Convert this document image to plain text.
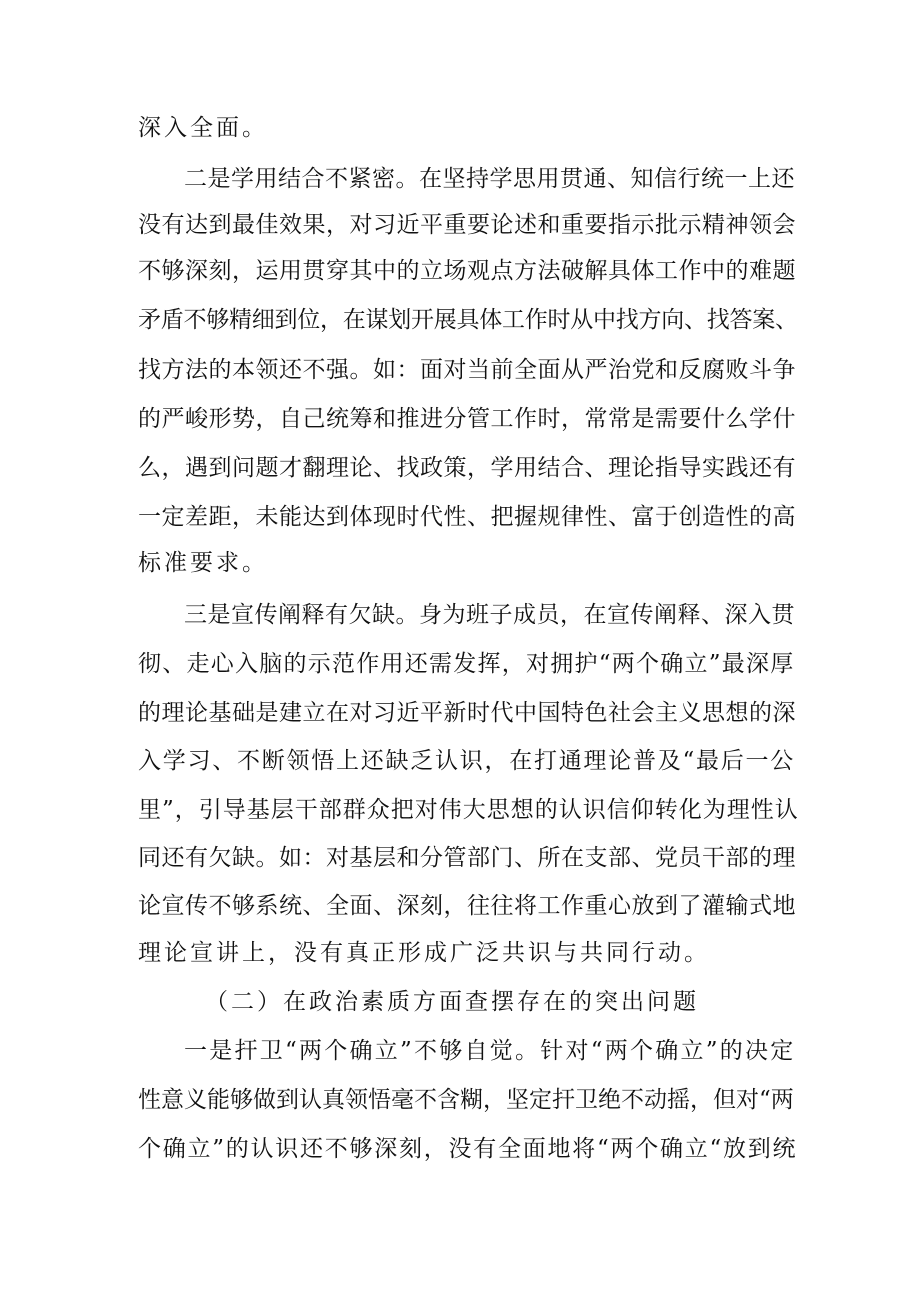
深入全面。
二是学用结合不紧密。在坚持学思用贯通、知信行统一上还
没有达到最佳效果，对习近平重要论述和重要指示批示精神领会
不够深刻，运用贯穿其中的立场观点方法破解具体工作中的难题
矛盾不够精细到位，在谋划开展具体工作时从中找方向、找答案、
找方法的本领还不强。如：面对当前全面从严治党和反腐败斗争
的严峻形势，自己统筹和推进分管工作时，常常是需要什么学什
么，遇到问题才翻理论、找政策，学用结合、理论指导实践还有
一定差距，未能达到体现时代性、把握规律性、富于创造性的高
标准要求。
三是宣传阐释有欠缺。身为班子成员，在宣传阐释、深入贯
彻、走心入脑的示范作用还需发挥，对拥护“两个确立”最深厚
的理论基础是建立在对习近平新时代中国特色社会主义思想的深
入学习、不断领悟上还缺乏认识，在打通理论普及“最后一公
里”，引导基层干部群众把对伟大思想的认识信仰转化为理性认
同还有欠缺。如：对基层和分管部门、所在支部、党员干部的理
论宣传不够系统、全面、深刻，往往将工作重心放到了灌输式地
理论宣讲上，没有真正形成广泛共识与共同行动。
（二）在政治素质方面查摆存在的突出问题
一是扞卫“两个确立”不够自觉。针对“两个确立”的决定
性意义能够做到认真领悟毫不含糊，坚定扞卫绝不动摇，但对“两
个确立”的认识还不够深刻，没有全面地将“两个确立“放到统
